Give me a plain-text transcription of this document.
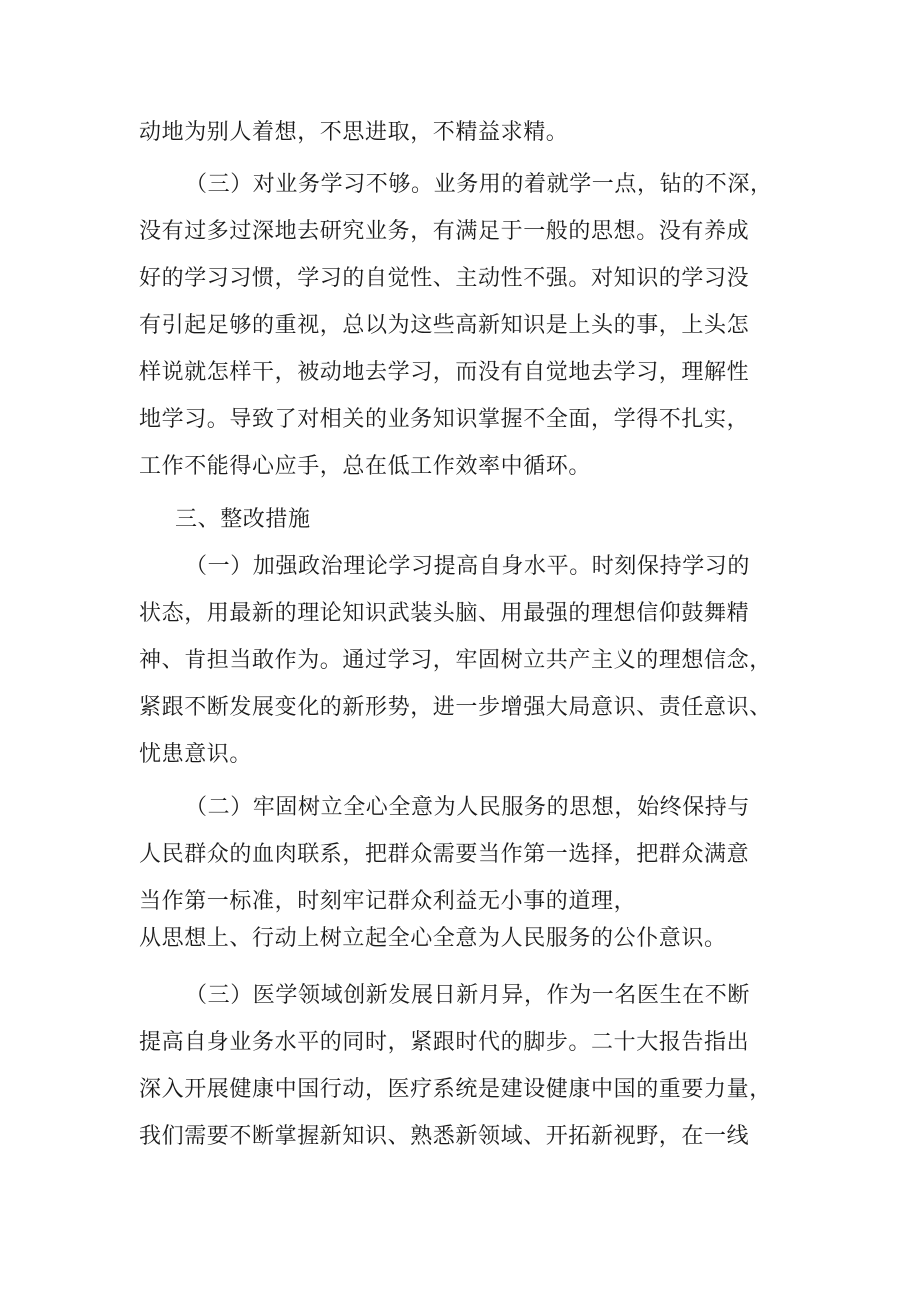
动地为别人着想，不思进取，不精益求精。
（三）对业务学习不够。业务用的着就学一点，钻的不深，
没有过多过深地去研究业务，有满足于一般的思想。没有养成
好的学习习惯，学习的自觉性、主动性不强。对知识的学习没
有引起足够的重视，总以为这些高新知识是上头的事，上头怎
样说就怎样干，被动地去学习，而没有自觉地去学习，理解性
地学习。导致了对相关的业务知识掌握不全面，学得不扎实，
工作不能得心应手，总在低工作效率中循环。
三、整改措施
（一）加强政治理论学习提高自身水平。时刻保持学习的
状态，用最新的理论知识武装头脑、用最强的理想信仰鼓舞精
神、肯担当敢作为。通过学习，牢固树立共产主义的理想信念，
紧跟不断发展变化的新形势，进一步增强大局意识、责任意识、
忧患意识。
（二）牢固树立全心全意为人民服务的思想，始终保持与
人民群众的血肉联系，把群众需要当作第一选择，把群众满意
当作第一标准，时刻牢记群众利益无小事的道理，
从思想上、行动上树立起全心全意为人民服务的公仆意识。
（三）医学领域创新发展日新月异，作为一名医生在不断
提高自身业务水平的同时，紧跟时代的脚步。二十大报告指出
深入开展健康中国行动，医疗系统是建设健康中国的重要力量，
我们需要不断掌握新知识、熟悉新领域、开拓新视野，在一线
